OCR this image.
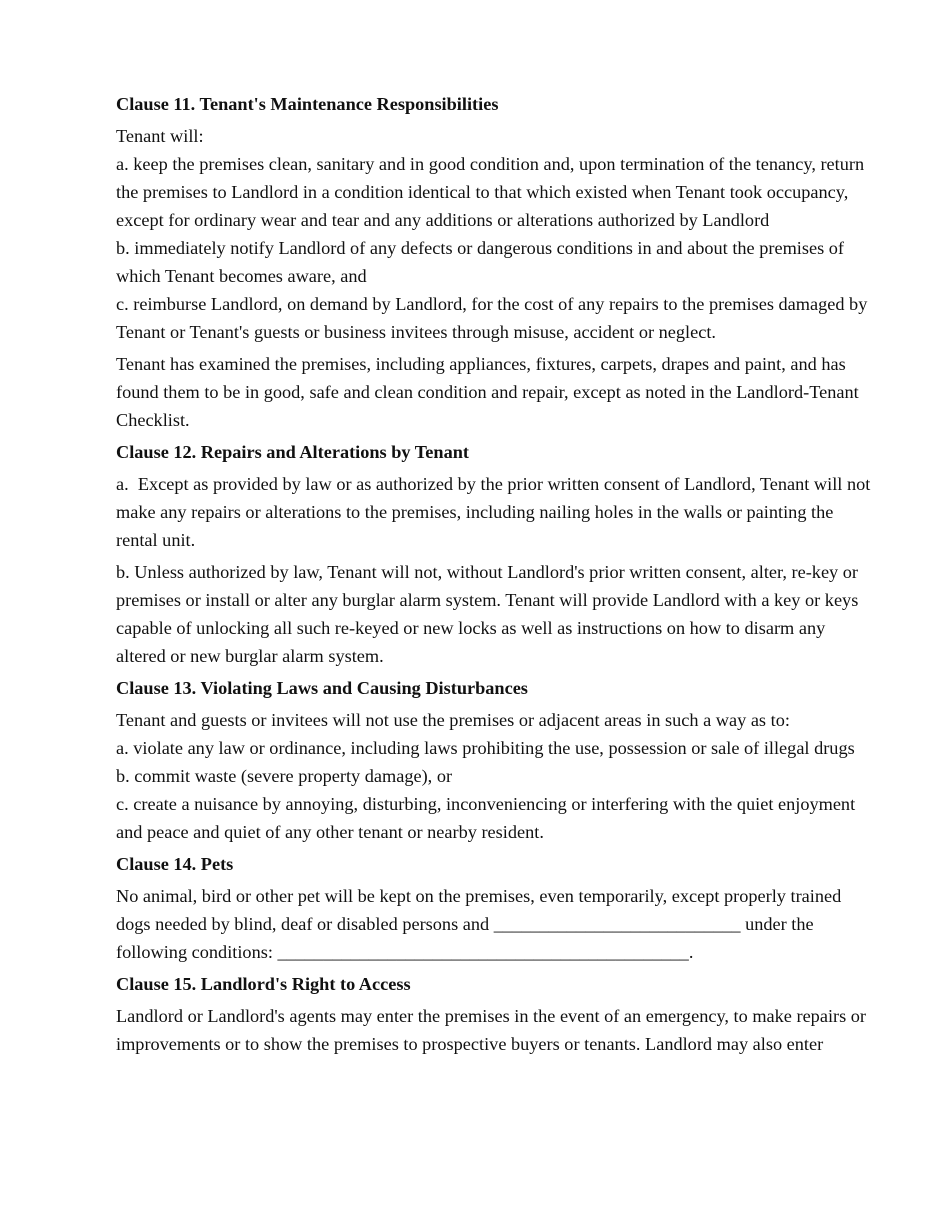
Clause 11. Tenant's Maintenance Responsibilities

Tenant will:

a. keep the premises clean, sanitary and in good condition and, upon termination of the tenancy, return the premises to Landlord in a condition identical to that which existed when Tenant took occupancy, except for ordinary wear and tear and any additions or alterations authorized by Landlord

b. immediately notify Landlord of any defects or dangerous conditions in and about the premises of which Tenant becomes aware, and

c. reimburse Landlord, on demand by Landlord, for the cost of any repairs to the premises damaged by Tenant or Tenant's guests or business invitees through misuse, accident or neglect.

Tenant has examined the premises, including appliances, fixtures, carpets, drapes and paint, and has found them to be in good, safe and clean condition and repair, except as noted in the Landlord-Tenant Checklist.

Clause 12. Repairs and Alterations by Tenant

a.  Except as provided by law or as authorized by the prior written consent of Landlord, Tenant will not make any repairs or alterations to the premises, including nailing holes in the walls or painting the rental unit.

b. Unless authorized by law, Tenant will not, without Landlord's prior written consent, alter, re-key or premises or install or alter any burglar alarm system. Tenant will provide Landlord with a key or keys capable of unlocking all such re-keyed or new locks as well as instructions on how to disarm any altered or new burglar alarm system.

Clause 13. Violating Laws and Causing Disturbances

Tenant and guests or invitees will not use the premises or adjacent areas in such a way as to:

a. violate any law or ordinance, including laws prohibiting the use, possession or sale of illegal drugs

b. commit waste (severe property damage), or

c. create a nuisance by annoying, disturbing, inconveniencing or interfering with the quiet enjoyment and peace and quiet of any other tenant or nearby resident.

Clause 14. Pets

No animal, bird or other pet will be kept on the premises, even temporarily, except properly trained dogs needed by blind, deaf or disabled persons and ___________________________ under the following conditions: _____________________________________________.

Clause 15. Landlord's Right to Access

Landlord or Landlord's agents may enter the premises in the event of an emergency, to make repairs or improvements or to show the premises to prospective buyers or tenants. Landlord may also enter
